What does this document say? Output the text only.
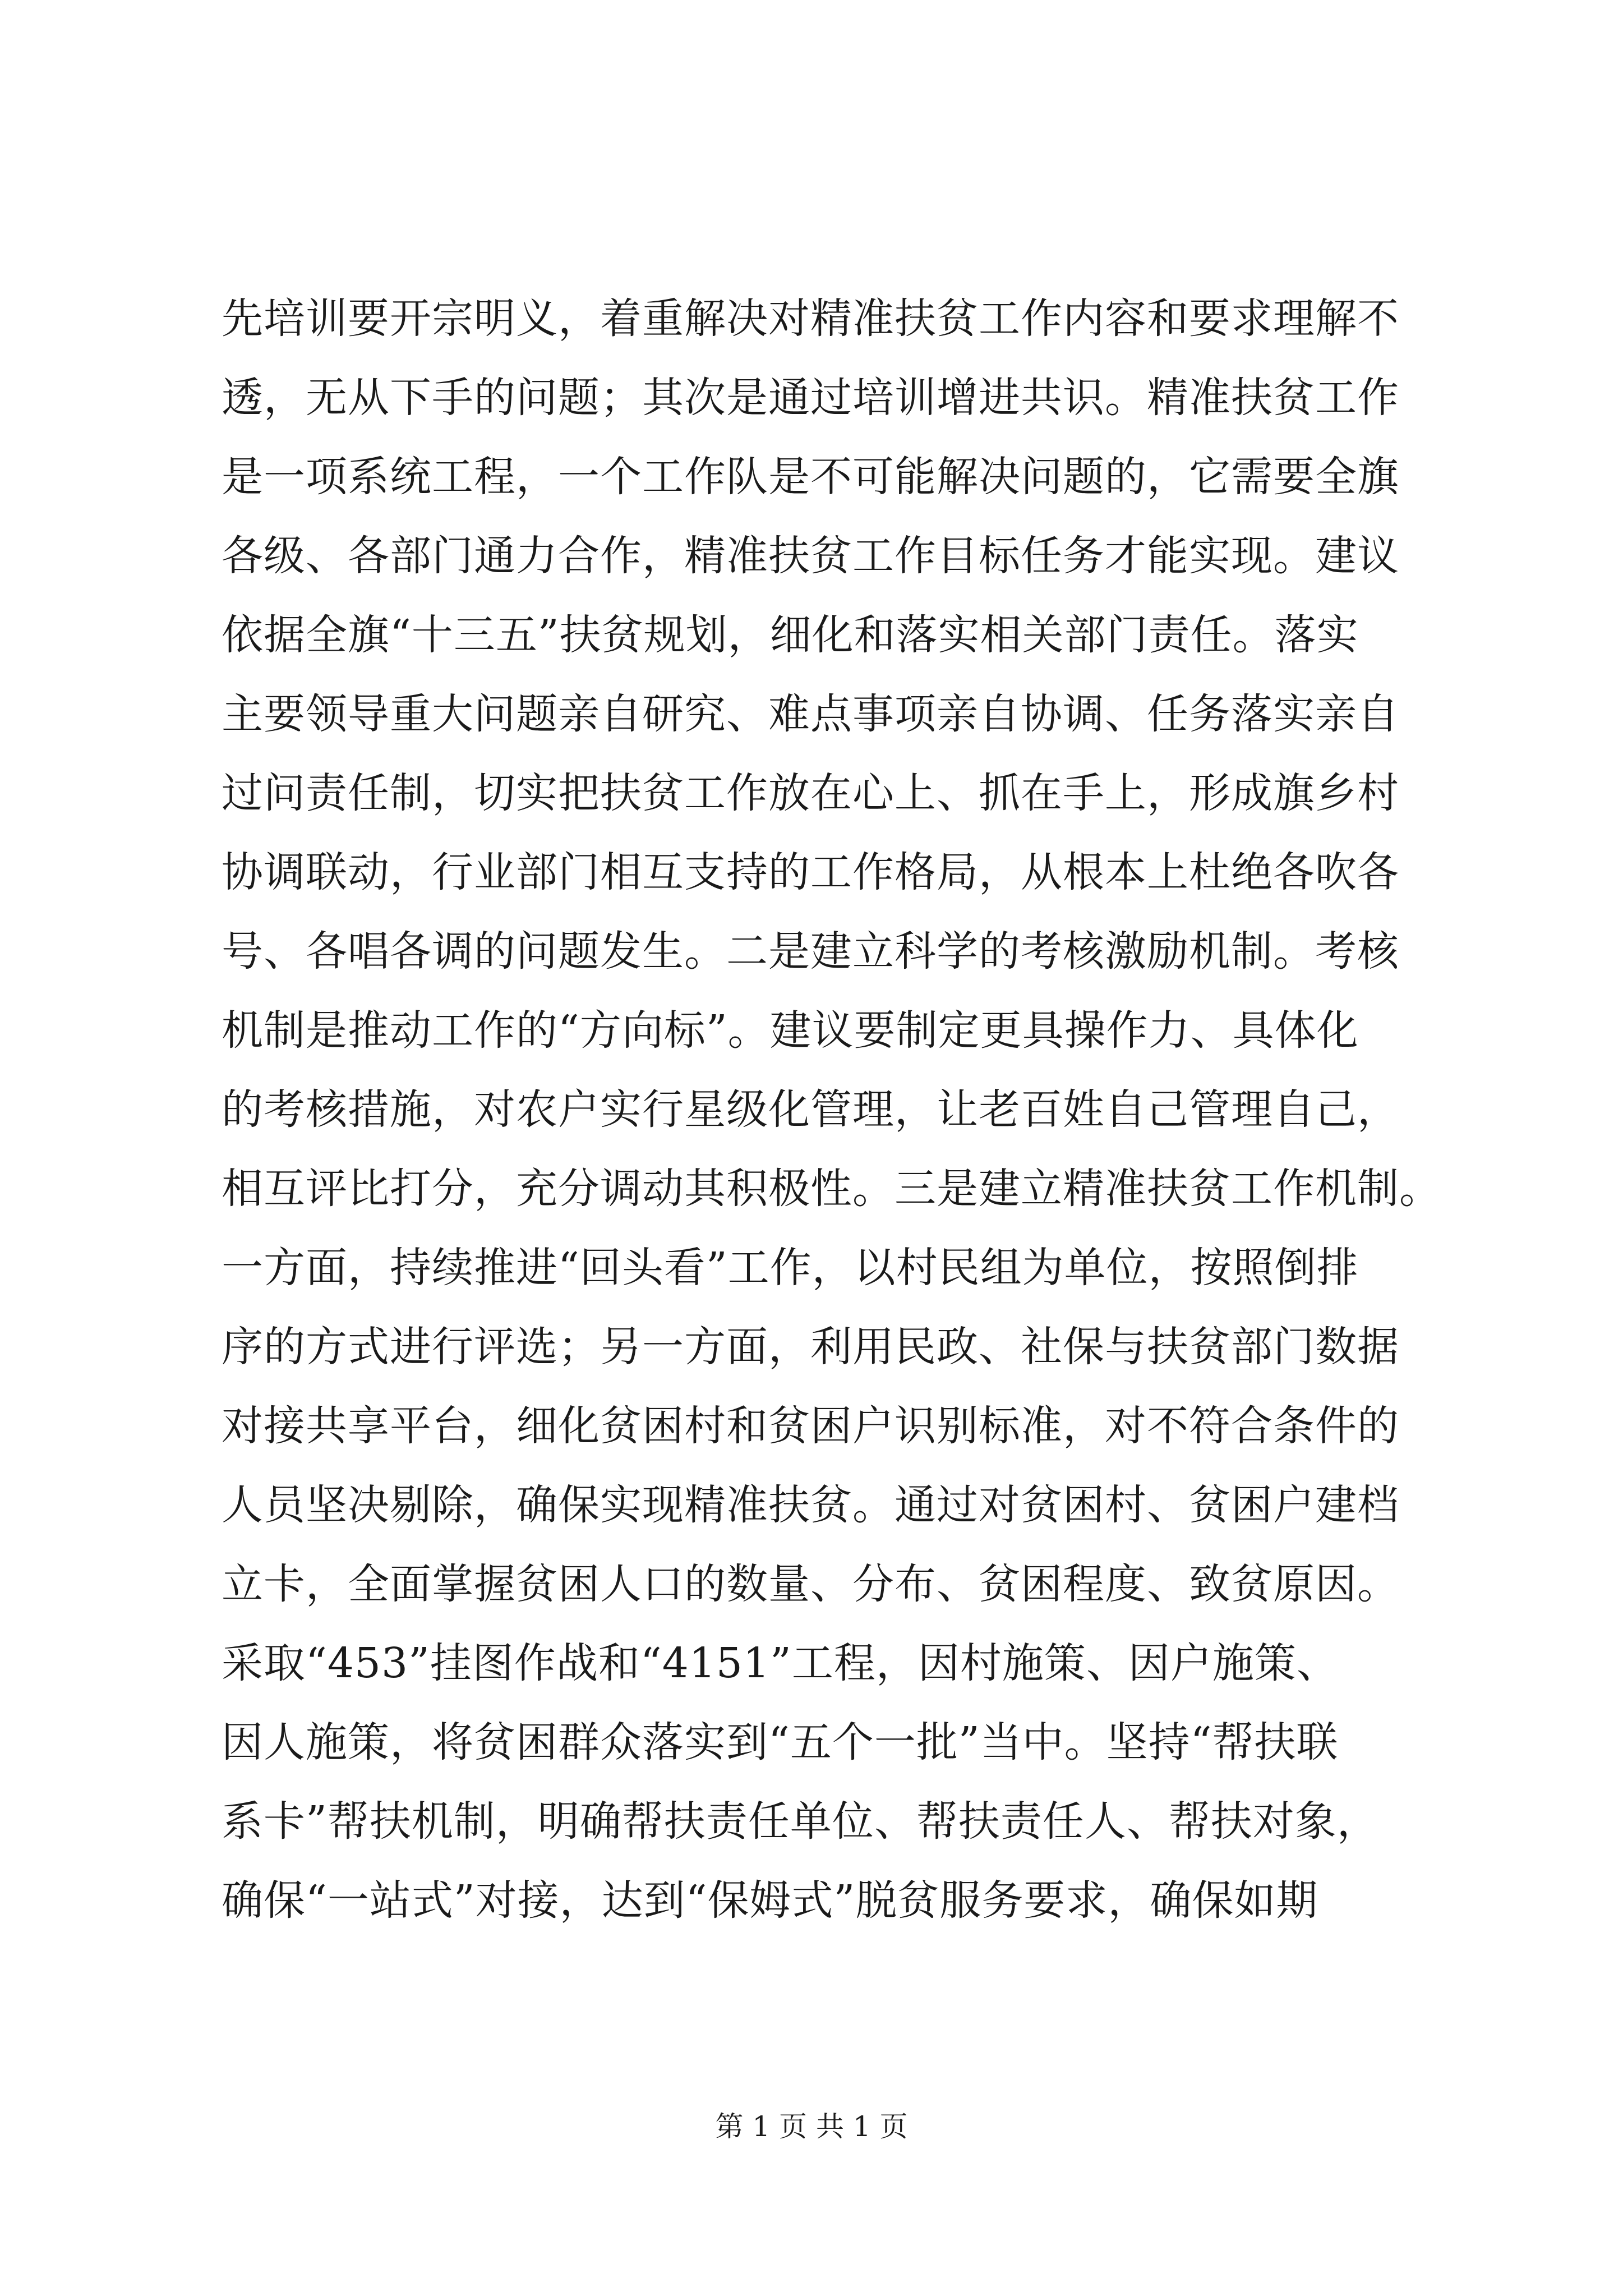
先培训要开宗明义，着重解决对精准扶贫工作内容和要求理解不
透，无从下手的问题；其次是通过培训增进共识。精准扶贫工作
是一项系统工程，一个工作队是不可能解决问题的，它需要全旗
各级、各部门通力合作，精准扶贫工作目标任务才能实现。建议
依据全旗“十三五”扶贫规划，细化和落实相关部门责任。落实
主要领导重大问题亲自研究、难点事项亲自协调、任务落实亲自
过问责任制，切实把扶贫工作放在心上、抓在手上，形成旗乡村
协调联动，行业部门相互支持的工作格局，从根本上杜绝各吹各
号、各唱各调的问题发生。二是建立科学的考核激励机制。考核
机制是推动工作的“方向标”。建议要制定更具操作力、具体化
的考核措施，对农户实行星级化管理，让老百姓自己管理自己，
相互评比打分，充分调动其积极性。三是建立精准扶贫工作机制。
一方面，持续推进“回头看”工作，以村民组为单位，按照倒排
序的方式进行评选；另一方面，利用民政、社保与扶贫部门数据
对接共享平台，细化贫困村和贫困户识别标准，对不符合条件的
人员坚决剔除，确保实现精准扶贫。通过对贫困村、贫困户建档
立卡，全面掌握贫困人口的数量、分布、贫困程度、致贫原因。
采取“453”挂图作战和“4151”工程，因村施策、因户施策、
因人施策，将贫困群众落实到“五个一批”当中。坚持“帮扶联
系卡”帮扶机制，明确帮扶责任单位、帮扶责任人、帮扶对象，
确保“一站式”对接，达到“保姆式”脱贫服务要求，确保如期
第 1 页 共 1 页
